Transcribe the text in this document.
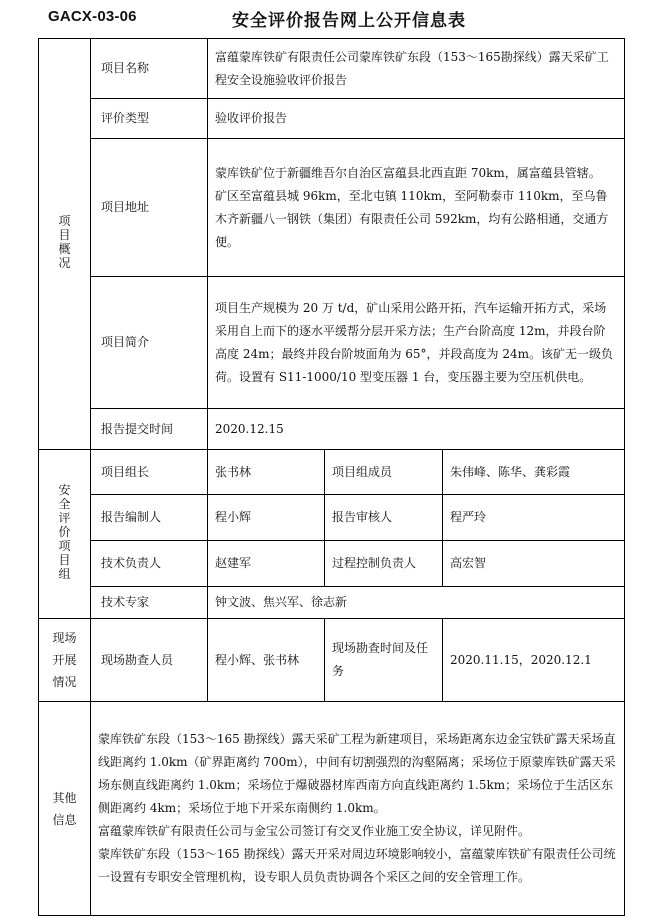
GACX-03-06	安全评价报告网上公开信息表
项目概况	项目名称	富蕴蒙库铁矿有限责任公司蒙库铁矿东段（153～165勘探线）露天采矿工程安全设施验收评价报告		
	评价类型	验收评价报告		
	项目地址	蒙库铁矿位于新疆维吾尔自治区富蕴县北西直距 70km，属富蕴县管辖。
矿区至富蕴县城 96km，至北屯镇 110km，至阿勒泰市 110km，至乌鲁木齐新疆八一钢铁（集团）有限责任公司 592km，均有公路相通，交通方便。		

	项目简介	项目生产规模为 20 万 t/d，矿山采用公路开拓，汽车运输开拓方式，采场采用自上而下的逐水平缓帮分层开采方法；生产台阶高度 12m，并段台阶高度 24m；最终并段台阶坡面角为 65°，并段高度为 24m。该矿无一级负荷。设置有 S11-1000/10 型变压器 1 台，变压器主要为空压机供电。		
	报告提交时间	2020.12.15		
安全评价项目组	项目组长	张书林	项目组成员	朱伟峰、陈华、龚彩霞
	报告编制人	程小辉	报告审核人	程严玲
	技术负责人	赵建军	过程控制负责人	高宏智
	技术专家	钟文波、焦兴军、徐志新		

现场开展情况	现场勘查人员	程小辉、张书林	现场勘查时间及任务	2020.11.15，2020.12.1

其他信息	蒙库铁矿东段（153～165 勘探线）露天采矿工程为新建项目，采场距离东边金宝铁矿露天采场直线距离约 1.0km（矿界距离约 700m），中间有切割强烈的沟壑隔离；采场位于原蒙库铁矿露天采场东侧直线距离约 1.0km；采场位于爆破器材库西南方向直线距离约 1.5km；采场位于生活区东侧距离约 4km；采场位于地下开采东南侧约 1.0km。
富蕴蒙库铁矿有限责任公司与金宝公司签订有交叉作业施工安全协议，详见附件。
蒙库铁矿东段（153～165 勘探线）露天开采对周边环境影响较小，富蕴蒙库铁矿有限责任公司统一设置有专职安全管理机构，设专职人员负责协调各个采区之间的安全管理工作。			
